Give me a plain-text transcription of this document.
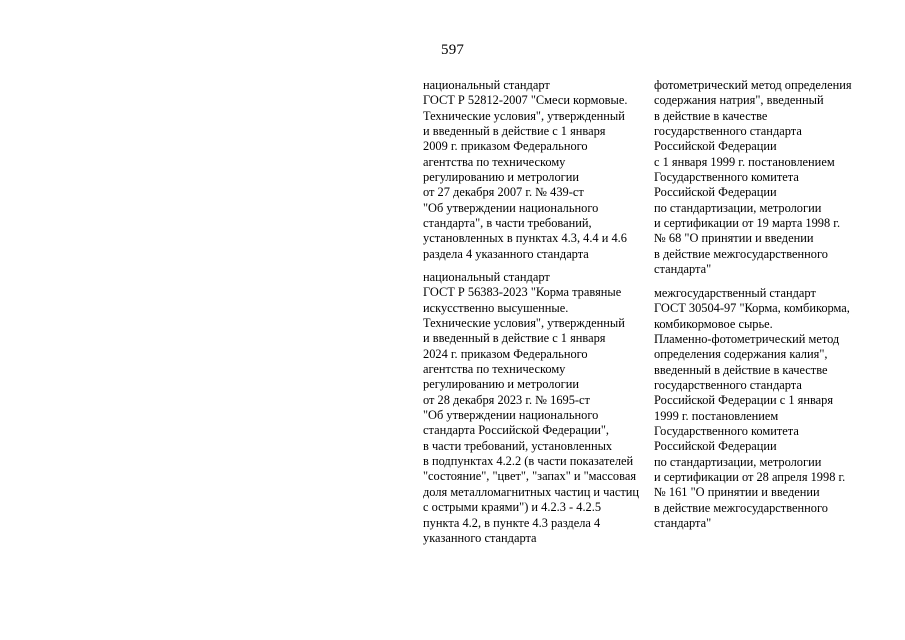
597
национальный стандарт
ГОСТ Р 52812-2007 "Смеси кормовые.
Технические условия", утвержденный
и введенный в действие с 1 января
2009 г. приказом Федерального
агентства по техническому
регулированию и метрологии
от 27 декабря 2007 г. № 439-ст
"Об утверждении национального
стандарта", в части требований,
установленных в пунктах 4.3, 4.4 и 4.6
раздела 4 указанного стандарта
фотометрический метод определения
содержания натрия", введенный
в действие в качестве
государственного стандарта
Российской Федерации
с 1 января 1999 г. постановлением
Государственного комитета
Российской Федерации
по стандартизации, метрологии
и сертификации от 19 марта 1998 г.
№ 68 "О принятии и введении
в действие межгосударственного
стандарта"
национальный стандарт
ГОСТ Р 56383-2023 "Корма травяные
искусственно высушенные.
Технические условия", утвержденный
и введенный в действие с 1 января
2024 г. приказом Федерального
агентства по техническому
регулированию и метрологии
от 28 декабря 2023 г. № 1695-ст
"Об утверждении национального
стандарта Российской Федерации",
в части требований, установленных
в подпунктах 4.2.2 (в части показателей
"состояние", "цвет", "запах" и "массовая
доля металломагнитных частиц и частиц
с острыми краями") и 4.2.3 - 4.2.5
пункта 4.2, в пункте 4.3 раздела 4
указанного стандарта
межгосударственный стандарт
ГОСТ 30504-97 "Корма, комбикорма,
комбикормовое сырье.
Пламенно-фотометрический метод
определения содержания калия",
введенный в действие в качестве
государственного стандарта
Российской Федерации с 1 января
1999 г. постановлением
Государственного комитета
Российской Федерации
по стандартизации, метрологии
и сертификации от 28 апреля 1998 г.
№ 161 "О принятии и введении
в действие межгосударственного
стандарта"
